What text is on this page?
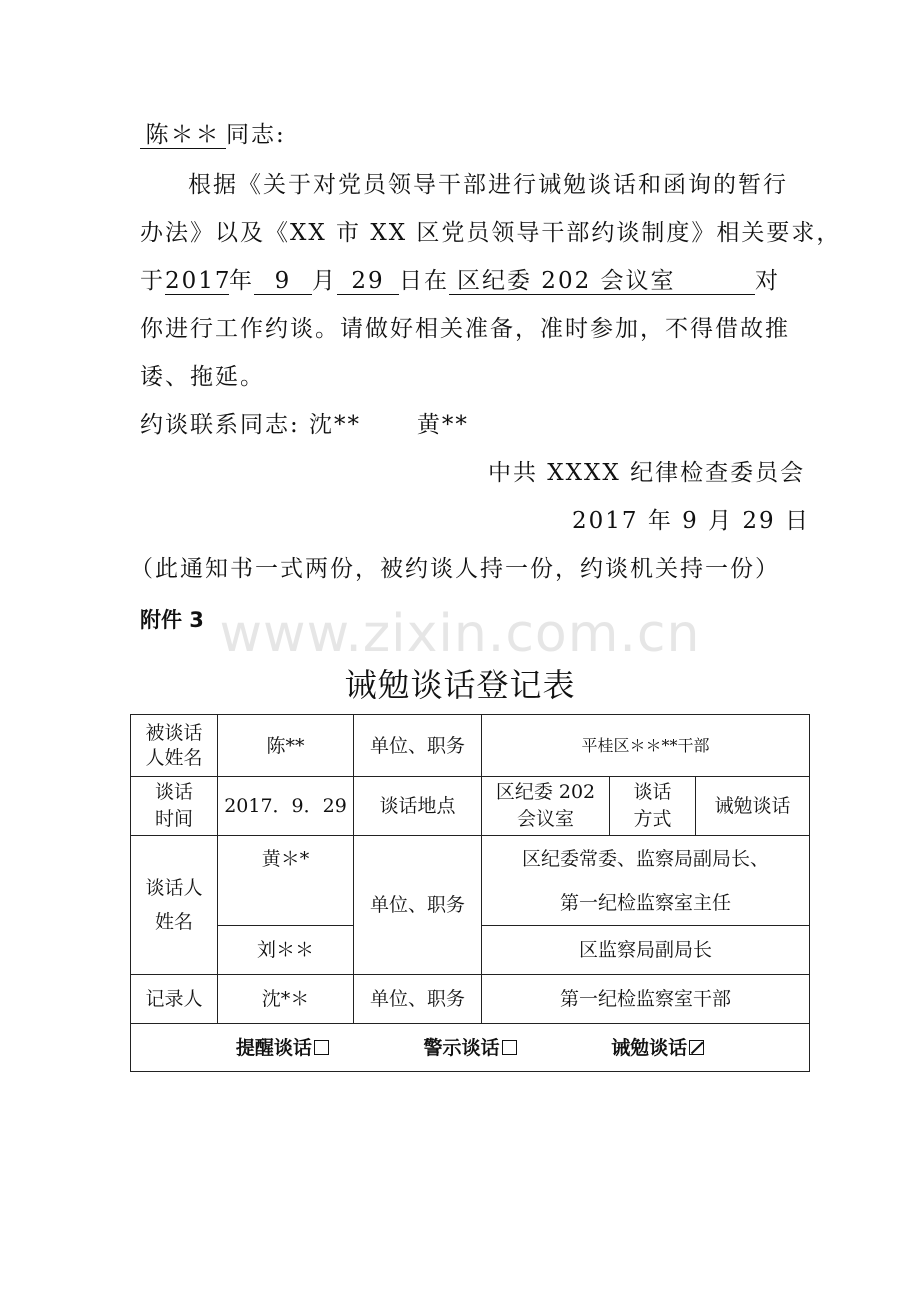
陈＊＊ 同志:
根据《关于对党员领导干部进行诫勉谈话和函询的暂行
办法》以及《XX 市 XX 区党员领导干部约谈制度》相关要求，
于2017年 9 月 29 日在 区纪委 202 会议室	对
你进行工作约谈。请做好相关准备，准时参加，不得借故推
诿、拖延。
约谈联系同志: 沈**      黄**
中共 XXXX 纪律检查委员会
2017 年 9 月 29 日
（此通知书一式两份，被约谈人持一份，约谈机关持一份）
www.zixin.com.cn
附件 3
诫勉谈话登记表
被谈话人姓名	陈**	单位、职务	平桂区＊＊**干部		

谈话时间	2017．9．29	谈话地点	区纪委 202 会议室	谈话方式	诫勉谈话

谈话人姓名	黄＊*	单位、职务	区纪委常委、监察局副局长、
第一纪检监察室主任		

	刘＊＊		区监察局副局长		
记录人	沈*＊	单位、职务	第一纪检监察室干部		
提醒谈话 警示谈话 诫勉谈话					
